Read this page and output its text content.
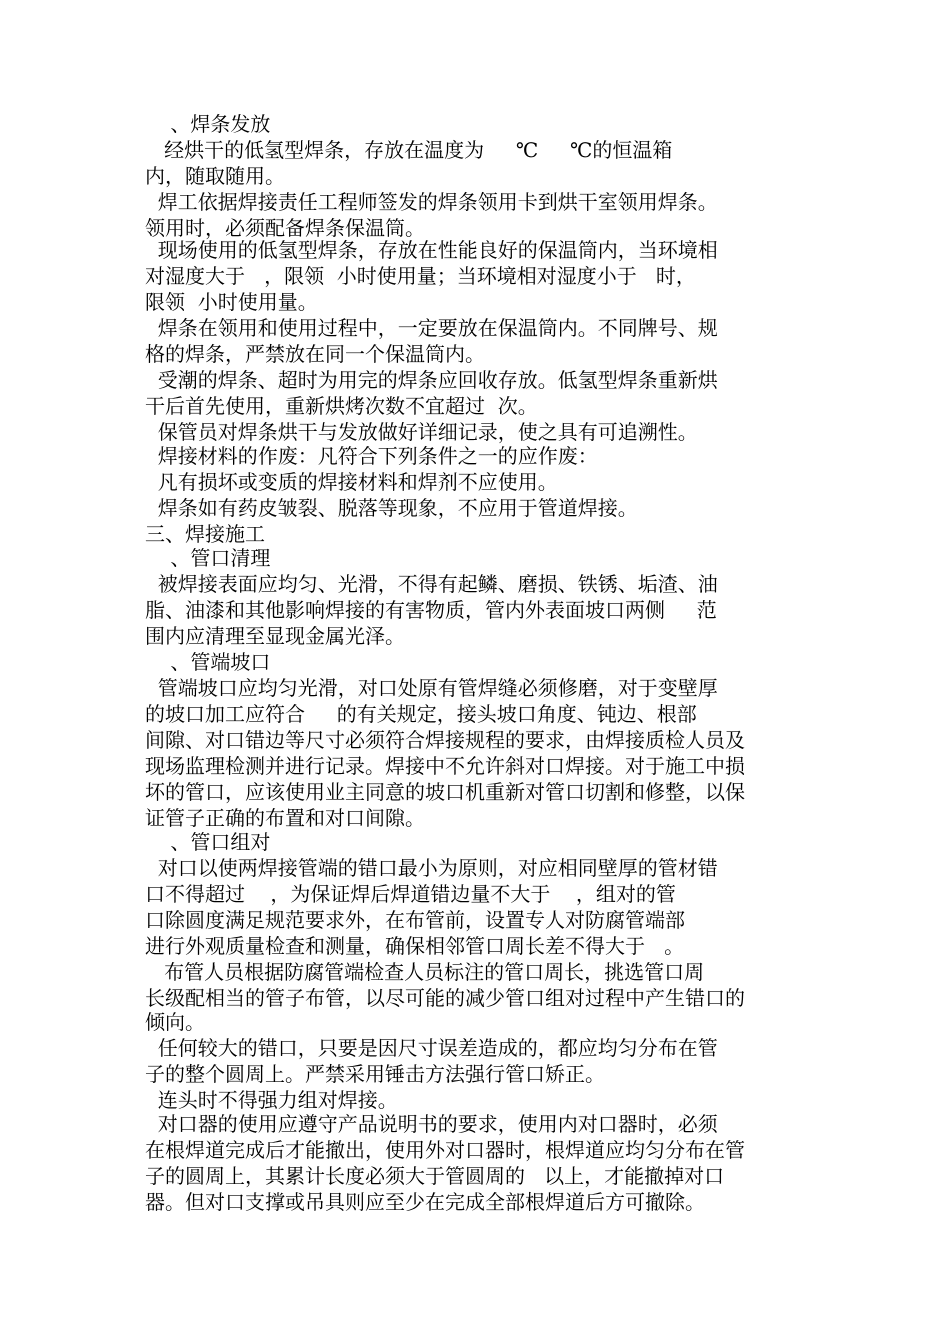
、焊条发放
经烘干的低氢型焊条，存放在温度为     ℃     ℃的恒温箱
内，随取随用。
焊工依据焊接责任工程师签发的焊条领用卡到烘干室领用焊条。
领用时，必须配备焊条保温筒。
现场使用的低氢型焊条，存放在性能良好的保温筒内，当环境相
对湿度大于   ，限领  小时使用量；当环境相对湿度小于   时，
限领  小时使用量。
焊条在领用和使用过程中，一定要放在保温筒内。不同牌号、规
格的焊条，严禁放在同一个保温筒内。
受潮的焊条、超时为用完的焊条应回收存放。低氢型焊条重新烘
干后首先使用，重新烘烤次数不宜超过  次。
保管员对焊条烘干与发放做好详细记录，使之具有可追溯性。
焊接材料的作废：凡符合下列条件之一的应作废：
凡有损坏或变质的焊接材料和焊剂不应使用。
焊条如有药皮皱裂、脱落等现象，不应用于管道焊接。
三、焊接施工
、管口清理
被焊接表面应均匀、光滑，不得有起鳞、磨损、铁锈、垢渣、油
脂、油漆和其他影响焊接的有害物质，管内外表面坡口两侧     范
围内应清理至显现金属光泽。
、管端坡口
管端坡口应均匀光滑，对口处原有管焊缝必须修磨，对于变壁厚
的坡口加工应符合     的有关规定，接头坡口角度、钝边、根部
间隙、对口错边等尺寸必须符合焊接规程的要求，由焊接质检人员及
现场监理检测并进行记录。焊接中不允许斜对口焊接。对于施工中损
坏的管口，应该使用业主同意的坡口机重新对管口切割和修整，以保
证管子正确的布置和对口间隙。
、管口组对
对口以使两焊接管端的错口最小为原则，对应相同壁厚的管材错
口不得超过    ，为保证焊后焊道错边量不大于    ，组对的管
口除圆度满足规范要求外，在布管前，设置专人对防腐管端部
进行外观质量检查和测量，确保相邻管口周长差不得大于   。
布管人员根据防腐管端检查人员标注的管口周长，挑选管口周
长级配相当的管子布管，以尽可能的减少管口组对过程中产生错口的
倾向。
任何较大的错口，只要是因尺寸误差造成的，都应均匀分布在管
子的整个圆周上。严禁采用锤击方法强行管口矫正。
连头时不得强力组对焊接。
对口器的使用应遵守产品说明书的要求，使用内对口器时，必须
在根焊道完成后才能撤出，使用外对口器时，根焊道应均匀分布在管
子的圆周上，其累计长度必须大于管圆周的   以上，才能撤掉对口
器。但对口支撑或吊具则应至少在完成全部根焊道后方可撤除。
